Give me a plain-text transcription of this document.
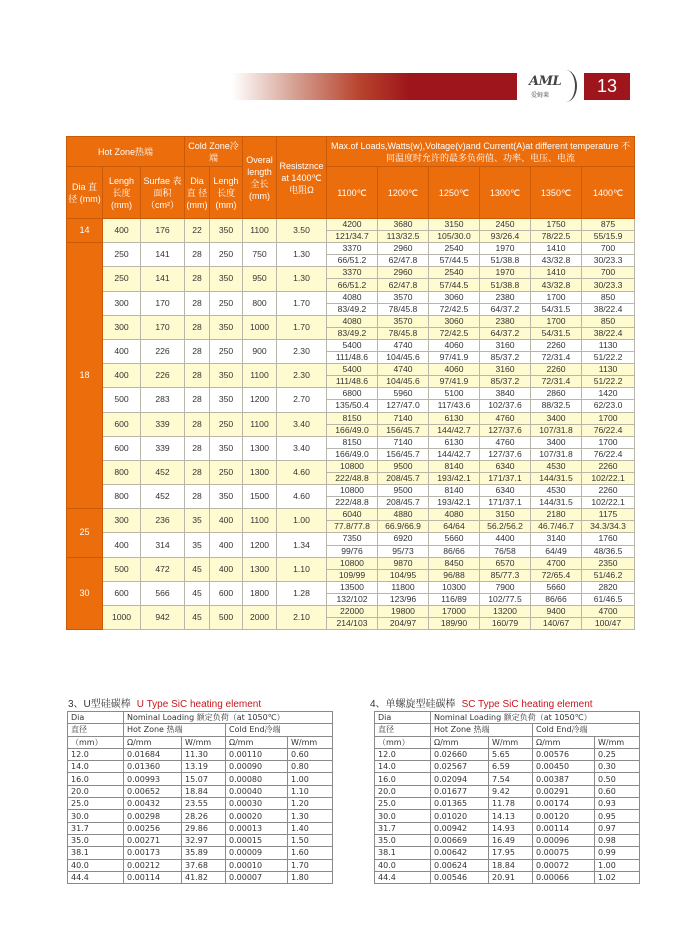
AML
爱姆莱	13
Hot Zone热端			Cold Zone冷端		Overal length 全长 (mm)	Resistznce at 1400℃ 电阻Ω	Max.of Loads,Watts(w),Voltage(v)and Current(A)at different temperature 不同温度时允许的最多负荷值、功率、电压、电流					
Dia 直径 (mm)	Lengh 长度 (mm)	Surfae 表面积 （cm²）	Dia 直 径 (mm)	Lengh 长度 (mm)			1100℃	1200℃	1250℃	1300℃	1350℃	1400℃
14	400	176	22	350	1100	3.50	4200	3680	3150	2450	1750	875
							121/34.7	113/32.5	105/30.0	93/26.4	78/22.5	55/15.9
18	250	141	28	250	750	1.30	3370	2960	2540	1970	1410	700
							66/51.2	62/47.8	57/44.5	51/38.8	43/32.8	30/23.3
	250	141	28	350	950	1.30	3370	2960	2540	1970	1410	700
							66/51.2	62/47.8	57/44.5	51/38.8	43/32.8	30/23.3
	300	170	28	250	800	1.70	4080	3570	3060	2380	1700	850
							83/49.2	78/45.8	72/42.5	64/37.2	54/31.5	38/22.4
	300	170	28	350	1000	1.70	4080	3570	3060	2380	1700	850
							83/49.2	78/45.8	72/42.5	64/37.2	54/31.5	38/22.4
	400	226	28	250	900	2.30	5400	4740	4060	3160	2260	1130
							111/48.6	104/45.6	97/41.9	85/37.2	72/31.4	51/22.2
	400	226	28	350	1100	2.30	5400	4740	4060	3160	2260	1130
							111/48.6	104/45.6	97/41.9	85/37.2	72/31.4	51/22.2
	500	283	28	350	1200	2.70	6800	5960	5100	3840	2860	1420
							135/50.4	127/47.0	117/43.6	102/37.6	88/32.5	62/23.0
	600	339	28	250	1100	3.40	8150	7140	6130	4760	3400	1700
							166/49.0	156/45.7	144/42.7	127/37.6	107/31.8	76/22.4
	600	339	28	350	1300	3.40	8150	7140	6130	4760	3400	1700
							166/49.0	156/45.7	144/42.7	127/37.6	107/31.8	76/22.4
	800	452	28	250	1300	4.60	10800	9500	8140	6340	4530	2260
							222/48.8	208/45.7	193/42.1	171/37.1	144/31.5	102/22.1
	800	452	28	350	1500	4.60	10800	9500	8140	6340	4530	2260
							222/48.8	208/45.7	193/42.1	171/37.1	144/31.5	102/22.1
25	300	236	35	400	1100	1.00	6040	4880	4080	3150	2180	1175
							77.8/77.8	66.9/66.9	64/64	56.2/56.2	46.7/46.7	34.3/34.3
	400	314	35	400	1200	1.34	7350	6920	5660	4400	3140	1760
							99/76	95/73	86/66	76/58	64/49	48/36.5
30	500	472	45	400	1300	1.10	10800	9870	8450	6570	4700	2350
							109/99	104/95	96/88	85/77.3	72/65.4	51/46.2
	600	566	45	600	1800	1.28	13500	11800	10300	7900	5660	2820
							132/102	123/96	116/89	102/77.5	86/66	61/46.5
	1000	942	45	500	2000	2.10	22000	19800	17000	13200	9400	4700
							214/103	204/97	189/90	160/79	140/67	100/47
3、U型硅碳棒 U Type SiC heating element
Dia	Nominal Loading 额定负荷（at 1050℃）			
直径	Hot Zone 热端		Cold End冷端	
（mm）	Ω/mm	W/mm	Ω/mm	W/mm
12.0	0.01684	11.30	0.00110	0.60
14.0	0.01360	13.19	0.00090	0.80
16.0	0.00993	15.07	0.00080	1.00
20.0	0.00652	18.84	0.00040	1.10
25.0	0.00432	23.55	0.00030	1.20
30.0	0.00298	28.26	0.00020	1.30
31.7	0.00256	29.86	0.00013	1.40
35.0	0.00271	32.97	0.00015	1.50
38.1	0.00173	35.89	0.00009	1.60
40.0	0.00212	37.68	0.00010	1.70
44.4	0.00114	41.82	0.00007	1.80
4、单螺旋型硅碳棒 SC Type SiC heating element
Dia	Nominal Loading 额定负荷（at 1050℃）			
直径	Hot Zone 热端		Cold End冷端	
（mm）	Ω/mm	W/mm	Ω/mm	W/mm
12.0	0.02660	5.65	0.00576	0.25
14.0	0.02567	6.59	0.00450	0.30
16.0	0.02094	7.54	0.00387	0.50
20.0	0.01677	9.42	0.00291	0.60
25.0	0.01365	11.78	0.00174	0.93
30.0	0.01020	14.13	0.00120	0.95
31.7	0.00942	14.93	0.00114	0.97
35.0	0.00669	16.49	0.00096	0.98
38.1	0.00642	17.95	0.00075	0.99
40.0	0.00624	18.84	0.00072	1.00
44.4	0.00546	20.91	0.00066	1.02
